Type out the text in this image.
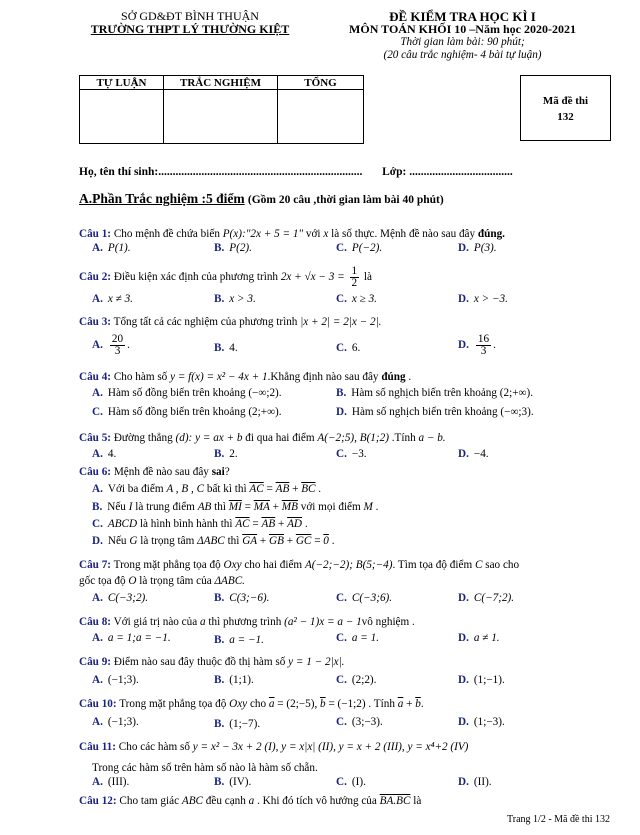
SỞ GD&ĐT BÌNH THUẬN
TRƯỜNG THPT LÝ THƯỜNG KIỆT
ĐỀ KIỂM TRA HỌC KÌ I
MÔN TOÁN KHỐI 10 –Năm học 2020-2021
Thời gian làm bài: 90 phút;
(20 câu trắc nghiệm- 4 bài tự luận)
TỰ LUẬN	TRẮC NGHIỆM	TỔNG

Mã đề thi
132
Họ, tên thí sinh:....................................................................... Lớp: ....................................
A.Phần Trắc nghiệm :5 điểm (Gồm 20 câu ,thời gian làm bài 40 phút)
Câu 1: Cho mệnh đề chứa biến P(x):"2x + 5 = 1" với x là số thực. Mệnh đề nào sau đây đúng.
A. P(1).	B. P(2).	C. P(−2).	D. P(3).
Câu 2: Điều kiện xác định của phương trình $2x + √x - 3 = \frac{1}{2}$ là
A. x ≠ 3.	B. x > 3.	C. x ≥ 3.	D. x > −3.
Câu 3: Tổng tất cả các nghiệm của phương trình |x + 2| = 2|x − 2|.
A. $\frac{20}{3}$ .	B. 4.	C. 6.	D. $\frac{16}{3}$ .
Câu 4: Cho hàm số y = f(x) = x² − 4x + 1.Khẳng định nào sau đây đúng .
A. Hàm số đồng biến trên khoảng (−∞;2).	B. Hàm số nghịch biến trên khoảng (2;+∞).
C. Hàm số đồng biến trên khoảng (2;+∞).	D. Hàm số nghịch biến trên khoảng (−∞;3).
Câu 5: Đường thẳng (d): y = ax + b đi qua hai điểm A(−2;5), B(1;2) .Tính a − b.
A. 4.	B. 2.	C. −3.	D. −4.
Câu 6: Mệnh đề nào sau đây sai?
A. Với ba điểm A , B , C bất kì thì $\overline{AC} = \overline{AB} + \overline{BC}$ .
B. Nếu I là trung điểm AB thì $\overline{MI} = \overline{MA} + \overline{MB}$ với mọi điểm M .
C. ABCD là hình bình hành thì $\overline{AC} = \overline{AB} + \overline{AD}$ .
D. Nếu G là trọng tâm ΔABC thì $\overline{GA} + \overline{GB} + \overline{GC} = 0$ .
Câu 7: Trong mặt phẳng tọa độ Oxy cho hai điểm A(−2;−2); B(5;−4). Tìm tọa độ điểm C sao cho
gốc tọa độ O là trọng tâm của ΔABC.
A. C(−3;2).	B. C(3;−6).	C. C(−3;6).	D. C(−7;2).
Câu 8: Với giá trị nào của a thì phương trình (a² − 1)x = a − 1vô nghiệm .
A. a = 1;a = −1.	B. a = −1.	C. a = 1.	D. a ≠ 1.
Câu 9: Điểm nào sau đây thuộc đồ thị hàm số y = 1 − 2|x|.
A. (−1;3).	B. (1;1).	C. (2;2).	D. (1;−1).
Câu 10: Trong mặt phẳng tọa độ Oxy cho $\overline{a}$ = (2;−5), $\overline{b}$ = (−1;2) . Tính $\overline{a} + \overline{b}$.
A. (−1;3).	B. (1;−7).	C. (3;−3).	D. (1;−3).
Câu 11: Cho các hàm số y = x² − 3x + 2 (I), y = x|x| (II), y = x + 2 (III), y = x⁴+2 (IV)
Trong các hàm số trên hàm số nào là hàm số chẵn.
A. (III).	B. (IV).	C. (I).	D. (II).
Câu 12: Cho tam giác ABC đều cạnh a . Khi đó tích vô hướng của BA.BC là
Trang 1/2 - Mã đề thi 132
